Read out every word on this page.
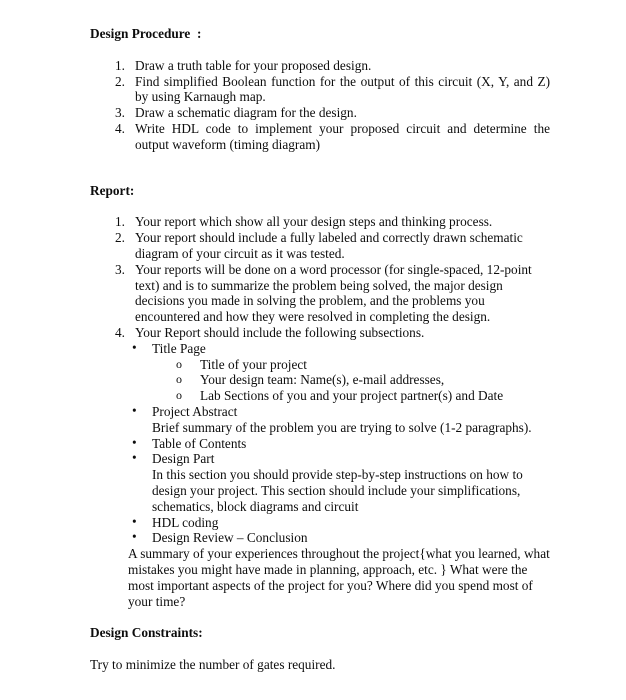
Design Procedure  :
1. Draw a truth table for your proposed design.
2. Find simplified Boolean function for the output of this circuit (X, Y, and Z) by using Karnaugh map.
3. Draw a schematic diagram for the design.
4. Write HDL code to implement your proposed circuit and determine the output waveform (timing diagram)
Report:
1. Your report which show all your design steps and thinking process.
2. Your report should include a fully labeled and correctly drawn schematic diagram of your circuit as it was tested.
3. Your reports will be done on a word processor (for single-spaced, 12-point text) and is to summarize the problem being solved, the major design decisions you made in solving the problem, and the problems you encountered and how they were resolved in completing the design.
4. Your Report should include the following subsections.
• Title Page
o Title of your project
o Your design team: Name(s), e-mail addresses,
o Lab Sections of you and your project partner(s) and Date
• Project Abstract
Brief summary of the problem you are trying to solve (1-2 paragraphs).
• Table of Contents
• Design Part
In this section you should provide step-by-step instructions on how to design your project. This section should include your simplifications, schematics, block diagrams and circuit
• HDL coding
• Design Review – Conclusion
A summary of your experiences throughout the project{what you learned, what mistakes you might have made in planning, approach, etc. } What were the most important aspects of the project for you? Where did you spend most of your time?
Design Constraints:
Try to minimize the number of gates required.
